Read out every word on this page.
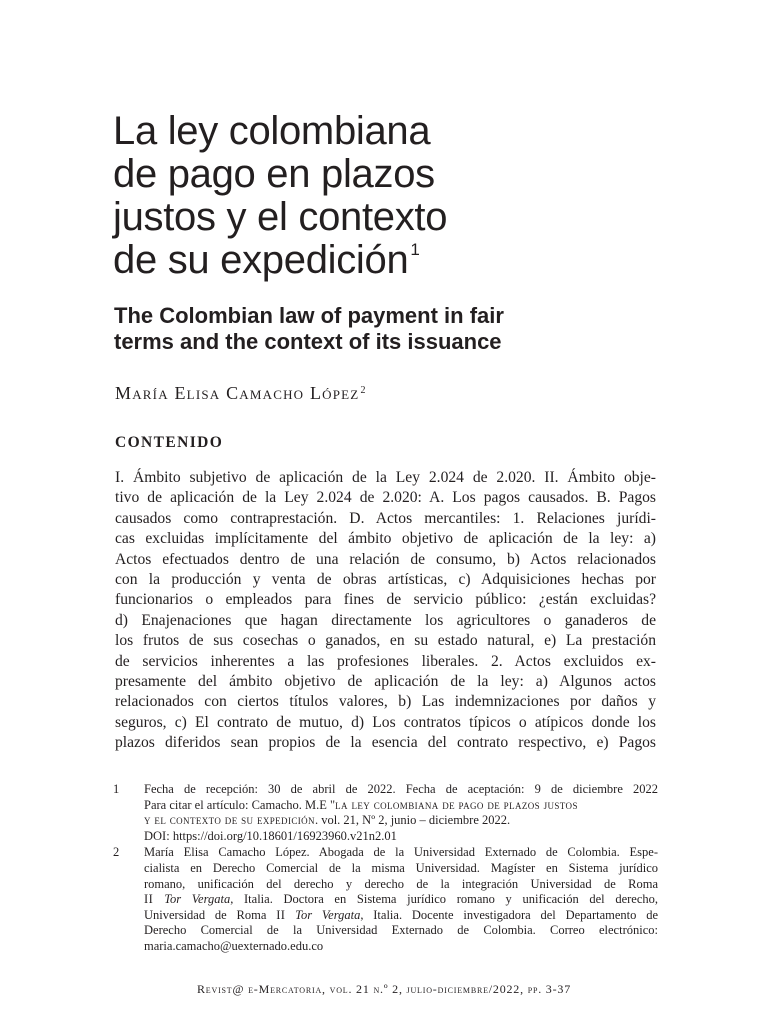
La ley colombiana
de pago en plazos
justos y el contexto
de su expedición $^1$
The Colombian law of payment in fair
terms and the context of its issuance

María Elisa Camacho López$^2$

CONTENIDO
I. Ámbito subjetivo de aplicación de la Ley 2.024 de 2.020. II. Ámbito obje-
tivo de aplicación de la Ley 2.024 de 2.020: A. Los pagos causados. B. Pagos
causados como contraprestación. D. Actos mercantiles: 1. Relaciones jurídi-
cas excluidas implícitamente del ámbito objetivo de aplicación de la ley: a)
Actos efectuados dentro de una relación de consumo, b) Actos relacionados
con la producción y venta de obras artísticas, c) Adquisiciones hechas por
funcionarios o empleados para fines de servicio público: ¿están excluidas?
d) Enajenaciones que hagan directamente los agricultores o ganaderos de
los frutos de sus cosechas o ganados, en su estado natural, e) La prestación
de servicios inherentes a las profesiones liberales. 2. Actos excluidos ex-
presamente del ámbito objetivo de aplicación de la ley: a) Algunos actos
relacionados con ciertos títulos valores, b) Las indemnizaciones por daños y
seguros, c) El contrato de mutuo, d) Los contratos típicos o atípicos donde los
plazos diferidos sean propios de la esencia del contrato respectivo, e) Pagos
1 Fecha de recepción: 30 de abril de 2022. Fecha de aceptación: 9 de diciembre 2022
Para citar el artículo: Camacho. M.E "la ley colombiana de pago de plazos justos
y el contexto de su expedición. vol. 21, Nº 2, junio – diciembre 2022.
DOI: https://doi.org/10.18601/16923960.v21n2.01
2 María Elisa Camacho López. Abogada de la Universidad Externado de Colombia. Espe-
cialista en Derecho Comercial de la misma Universidad. Magíster en Sistema jurídico
romano, unificación del derecho y derecho de la integración Universidad de Roma
II Tor Vergata, Italia. Doctora en Sistema jurídico romano y unificación del derecho,
Universidad de Roma II Tor Vergata, Italia. Docente investigadora del Departamento de
Derecho Comercial de la Universidad Externado de Colombia. Correo electrónico:
maria.camacho@uexternado.edu.co
Revist@ e-Mercatoria, vol. 21 n.º 2, julio-diciembre/2022, pp. 3-37
